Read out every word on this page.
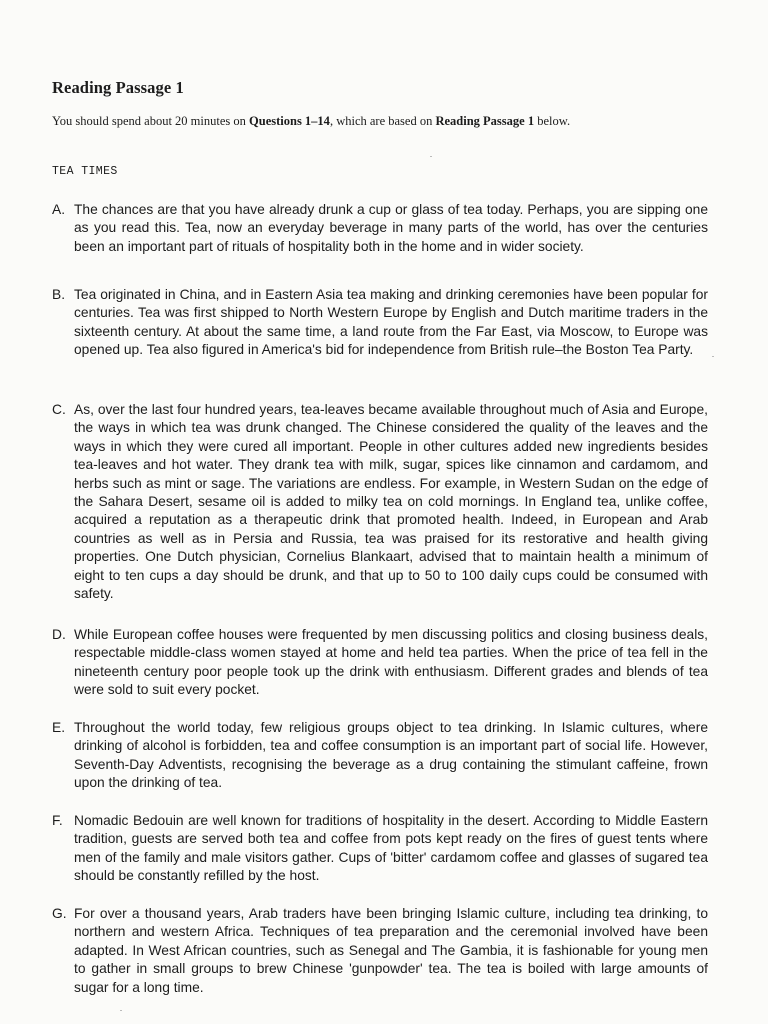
Reading Passage 1

You should spend about 20 minutes on Questions 1–14, which are based on Reading Passage 1 below.

TEA TIMES

A. The chances are that you have already drunk a cup or glass of tea today. Perhaps, you are sipping one as you read this. Tea, now an everyday beverage in many parts of the world, has over the centuries been an important part of rituals of hospitality both in the home and in wider society.
B. Tea originated in China, and in Eastern Asia tea making and drinking ceremonies have been popular for centuries. Tea was first shipped to North Western Europe by English and Dutch maritime traders in the sixteenth century. At about the same time, a land route from the Far East, via Moscow, to Europe was opened up. Tea also figured in America's bid for independence from British rule–the Boston Tea Party.
C. As, over the last four hundred years, tea-leaves became available throughout much of Asia and Europe, the ways in which tea was drunk changed. The Chinese considered the quality of the leaves and the ways in which they were cured all important. People in other cultures added new ingredients besides tea-leaves and hot water. They drank tea with milk, sugar, spices like cinnamon and cardamom, and herbs such as mint or sage. The variations are endless. For example, in Western Sudan on the edge of the Sahara Desert, sesame oil is added to milky tea on cold mornings. In England tea, unlike coffee, acquired a reputation as a therapeutic drink that promoted health. Indeed, in European and Arab countries as well as in Persia and Russia, tea was praised for its restorative and health giving properties. One Dutch physician, Cornelius Blankaart, advised that to maintain health a minimum of eight to ten cups a day should be drunk, and that up to 50 to 100 daily cups could be consumed with safety.
D. While European coffee houses were frequented by men discussing politics and closing business deals, respectable middle-class women stayed at home and held tea parties. When the price of tea fell in the nineteenth century poor people took up the drink with enthusiasm. Different grades and blends of tea were sold to suit every pocket.
E. Throughout the world today, few religious groups object to tea drinking. In Islamic cultures, where drinking of alcohol is forbidden, tea and coffee consumption is an important part of social life. However, Seventh-Day Adventists, recognising the beverage as a drug containing the stimulant caffeine, frown upon the drinking of tea.
F. Nomadic Bedouin are well known for traditions of hospitality in the desert. According to Middle Eastern tradition, guests are served both tea and coffee from pots kept ready on the fires of guest tents where men of the family and male visitors gather. Cups of 'bitter' cardamom coffee and glasses of sugared tea should be constantly refilled by the host.
G. For over a thousand years, Arab traders have been bringing Islamic culture, including tea drinking, to northern and western Africa. Techniques of tea preparation and the ceremonial involved have been adapted. In West African countries, such as Senegal and The Gambia, it is fashionable for young men to gather in small groups to brew Chinese 'gunpowder' tea. The tea is boiled with large amounts of sugar for a long time.
